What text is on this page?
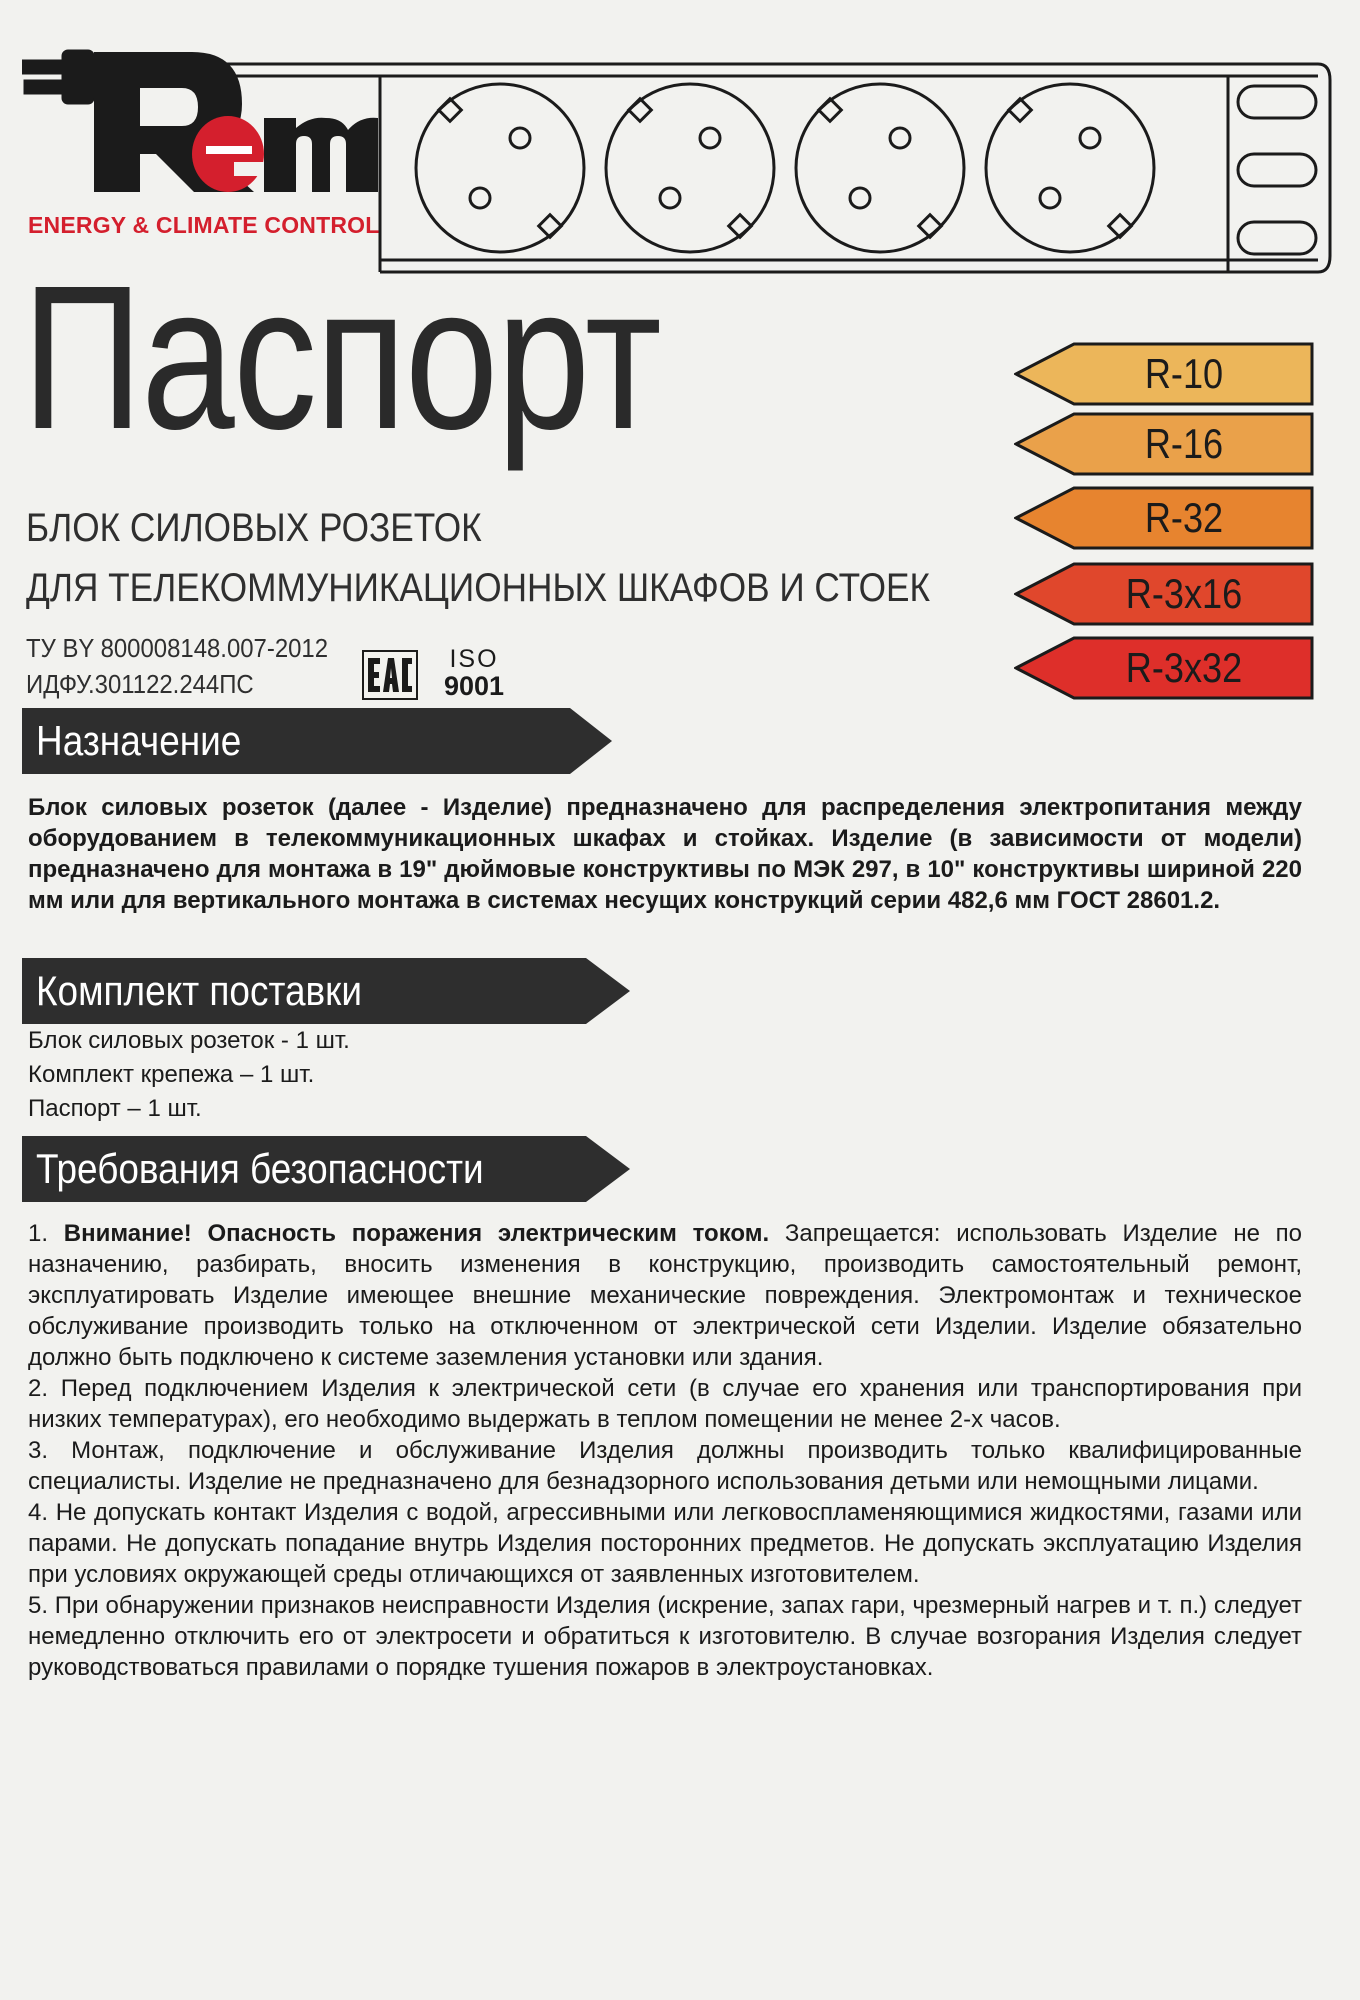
ENERGY & CLIMATE CONTROL
Паспорт
БЛОК СИЛОВЫХ РОЗЕТОК
ДЛЯ ТЕЛЕКОММУНИКАЦИОННЫХ ШКАФОВ И СТОЕК
ТУ BY 800008148.007-2012
ИДФУ.301122.244ПС
ISO
9001
R-10
R-16
R-32
R-3x16
R-3x32
Назначение
Блок силовых розеток (далее - Изделие) предназначено для распределения электропитания между оборудованием в телекоммуникационных шкафах и стойках. Изделие (в зависимости от модели) предназначено для монтажа в 19" дюймовые конструктивы по МЭК 297, в 10" конструктивы шириной 220 мм или для вертикального монтажа в системах несущих конструкций серии 482,6 мм ГОСТ 28601.2.
Комплект поставки
Блок силовых розеток - 1 шт.
Комплект крепежа – 1 шт.
Паспорт – 1 шт.
Требования безопасности

1. Внимание! Опасность поражения электрическим током. Запрещается: использовать Изделие не по назначению, разбирать, вносить изменения в конструкцию, производить самостоятельный ремонт, эксплуатировать Изделие имеющее внешние механические повреждения. Электромонтаж и техническое обслуживание производить только на отключенном от электрической сети Изделии. Изделие обязательно должно быть подключено к системе заземления установки или здания.

2. Перед подключением Изделия к электрической сети (в случае его хранения или транспортирования при низких температурах), его необходимо выдержать в теплом помещении не менее 2-х часов.

3. Монтаж, подключение и обслуживание Изделия должны производить только квалифицированные специалисты. Изделие не предназначено для безнадзорного использования детьми или немощными лицами.

4. Не допускать контакт Изделия с водой, агрессивными или легковоспламеняющимися жидкостями, газами или парами. Не допускать попадание внутрь Изделия посторонних предметов. Не допускать эксплуатацию Изделия при условиях окружающей среды отличающихся от заявленных изготовителем.

5. При обнаружении признаков неисправности Изделия (искрение, запах гари, чрезмерный нагрев и т. п.) следует немедленно отключить его от электросети и обратиться к изготовителю. В случае возгорания Изделия следует руководствоваться правилами о порядке тушения пожаров в электроустановках.
